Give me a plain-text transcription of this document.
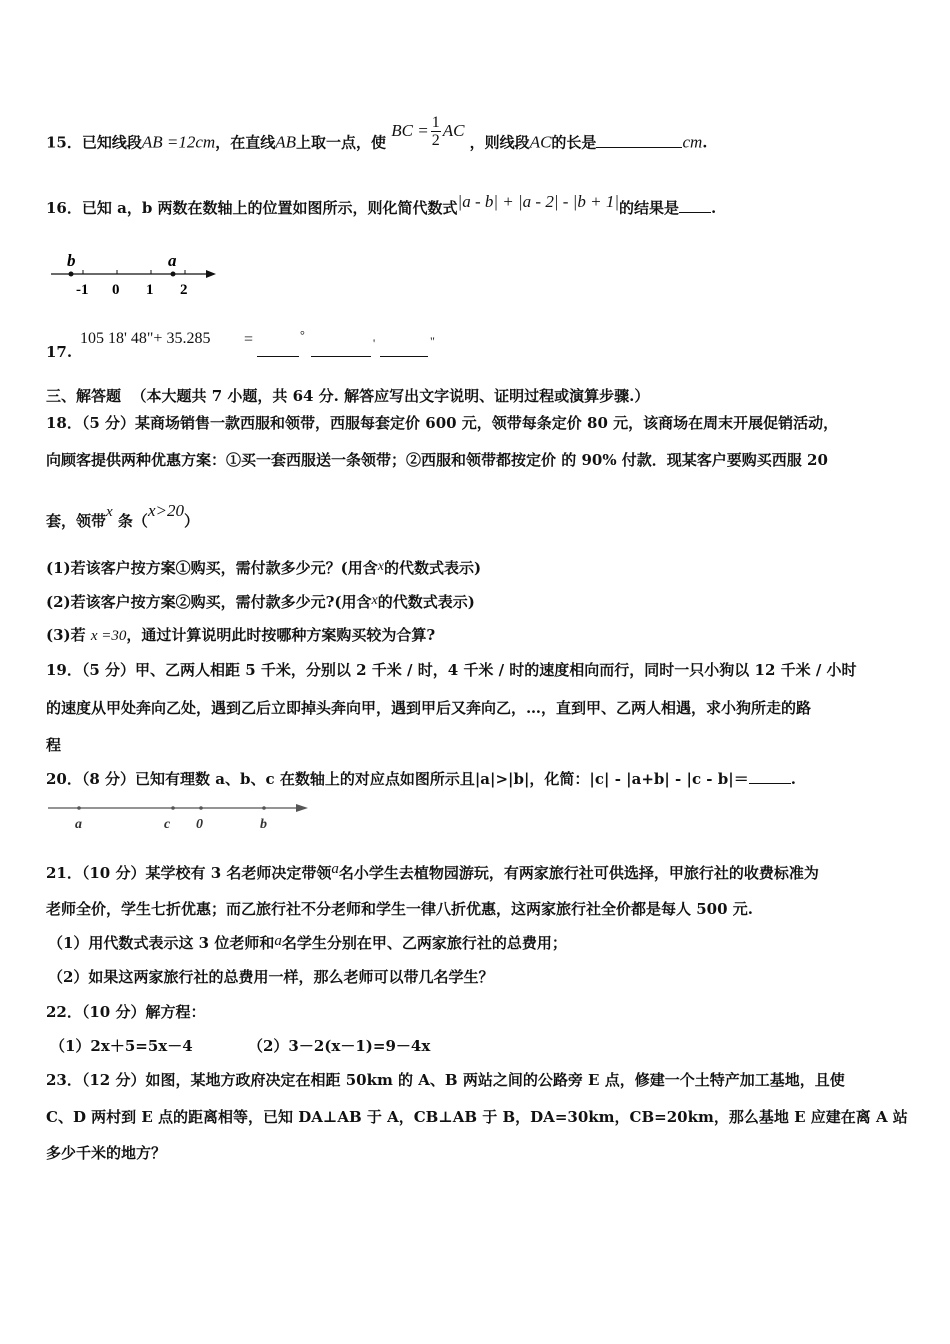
15．已知线段AB =12cm，在直线AB上取一点，使 BC = $\frac{1}{2}$ AC ，则线段AC的长是	cm.
16．已知 a，b 两数在数轴上的位置如图所示，则化简代数式|a - b| + |a - 2| - |b + 1|的结果是 .
b	a
-1 0 1 2
17.
105 18' 48"+ 35.285 =	°
'	"
三、解答题 （本大题共 7 小题，共 64 分. 解答应写出文字说明、证明过程或演算步骤.）
18．（5 分）某商场销售一款西服和领带，西服每套定价 600 元，领带每条定价 80 元，该商场在周末开展促销活动，
向顾客提供两种优惠方案：①买一套西服送一条领带；②西服和领带都按定价 的 90% 付款．现某客户要购买西服 20
套，领带x 条（x>20）
(1)若该客户按方案①购买，需付款多少元？(用含x的代数式表示)
(2)若该客户按方案②购买，需付款多少元?(用含x的代数式表示)
(3)若 x =30，通过计算说明此时按哪种方案购买较为合算?
19．（5 分）甲、乙两人相距 5 千米，分别以 2 千米 / 时，4 千米 / 时的速度相向而行，同时一只小狗以 12 千米 / 小时
的速度从甲处奔向乙处，遇到乙后立即掉头奔向甲，遇到甲后又奔向乙，…，直到甲、乙两人相遇，求小狗所走的路
程
20．（8 分）已知有理数 a、b、c 在数轴上的对应点如图所示且|a|>|b|，化简：|c| - |a+b| - |c - b|＝	.
a	c 0	b
21．（10 分）某学校有 3 名老师决定带领a名小学生去植物园游玩，有两家旅行社可供选择，甲旅行社的收费标准为
老师全价，学生七折优惠；而乙旅行社不分老师和学生一律八折优惠，这两家旅行社全价都是每人 500 元.
（1）用代数式表示这 3 位老师和a名学生分别在甲、乙两家旅行社的总费用；
（2）如果这两家旅行社的总费用一样，那么老师可以带几名学生？
22．（10 分）解方程：
（1）2x＋5=5x－4	（2）3－2(x－1)=9－4x
23．（12 分）如图，某地方政府决定在相距 50km 的 A、B 两站之间的公路旁 E 点，修建一个土特产加工基地，且使
C、D 两村到 E 点的距离相等，已知 DA⊥AB 于 A，CB⊥AB 于 B，DA=30km，CB=20km，那么基地 E 应建在离 A 站
多少千米的地方？
